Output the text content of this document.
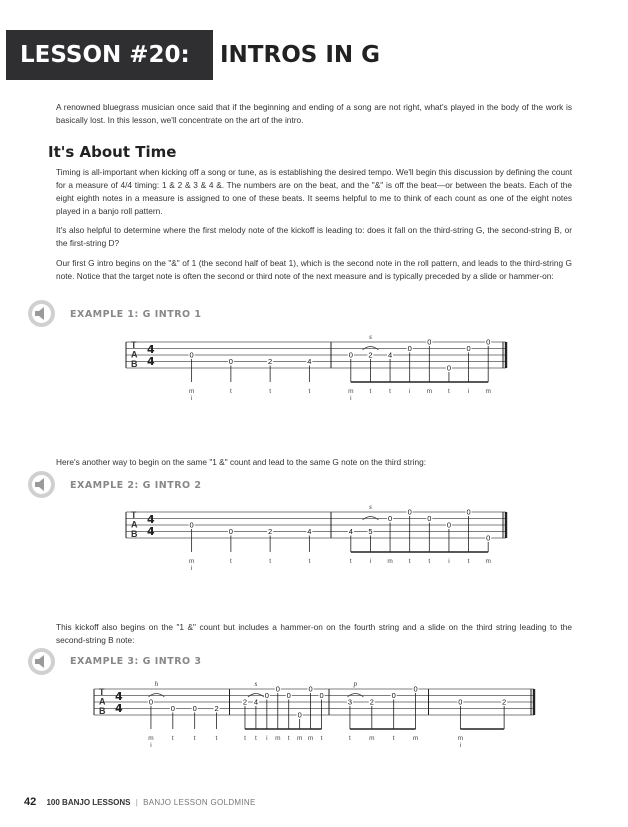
LESSON #20: INTROS IN G

A renowned bluegrass musician once said that if the beginning and ending of a song are not right, what's played in the body of the work is basically lost. In this lesson, we'll concentrate on the art of the intro.

It's About Time

Timing is all-important when kicking off a song or tune, as is establishing the desired tempo. We'll begin this discussion by defining the count for a measure of 4/4 timing: 1 & 2 & 3 & 4 &. The numbers are on the beat, and the "&" is off the beat—or between the beats. Each of the eight eighth notes in a measure is assigned to one of these beats. It seems helpful to me to think of each count as one of the eight notes played in a banjo roll pattern.

It's also helpful to determine where the first melody note of the kickoff is leading to: does it fall on the third-string G, the second-string B, or the first-string D?

Our first G intro begins on the "&" of 1 (the second half of beat 1), which is the second note in the roll pattern, and leads to the third-string G note. Notice that the target note is often the second or third note of the next measure and is typically preceded by a slide or hammer-on:

EXAMPLE 1: G INTRO 1
T
A
B
4
4	0
m
i
0
t
2
t
4
t
0
m
i
2
t
4
t
0
i
0
m
0
t
0
i
0
m
s

Here's another way to begin on the same "1 &" count and lead to the same G note on the third string:

EXAMPLE 2: G INTRO 2
T
A
B
4
4	0
m
i
0
t
2
t
4
t
4
t
5
i
0
m
0
t
0
t
0
i
0
t
0
m
s

This kickoff also begins on the "1 &" count but includes a hammer-on on the fourth string and a slide on the third string leading to the second-string B note:

EXAMPLE 3: G INTRO 3
T
A
B
4
4	0
m
i
0
t
0
t
2
t
2
t
4
t
0
i
0
m
0
t
0
m
0
m
0
t
3
t
2
m
0
t
0
m
0
m
i
2
h	s	p
42 100 BANJO LESSONS | BANJO LESSON GOLDMINE
